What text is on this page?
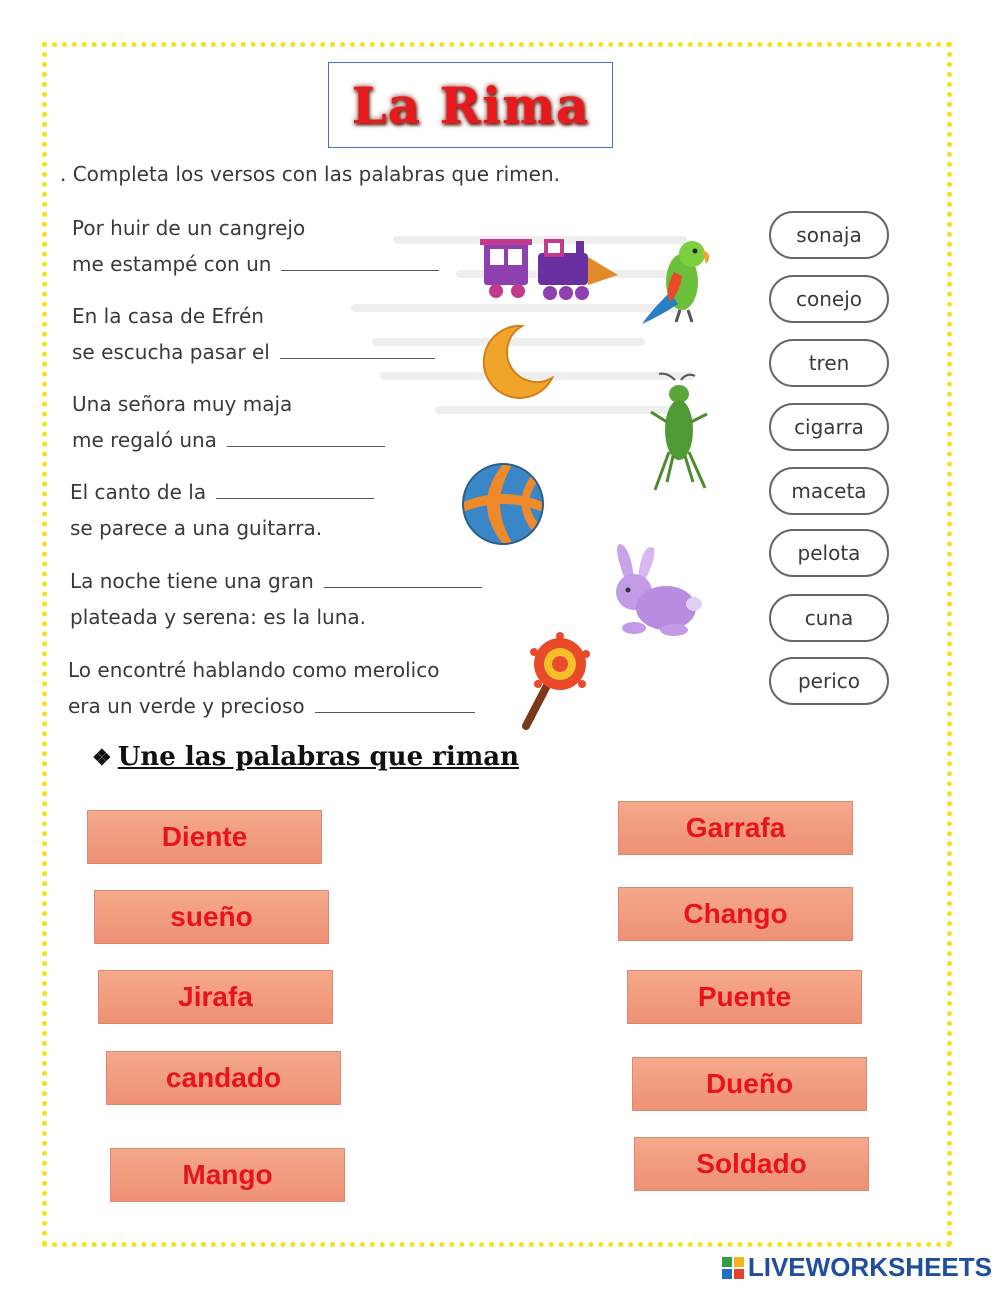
La Rima
. Completa los versos con las palabras que rimen.
Por huir de un cangrejo
me estampé con un
En la casa de Efrén
se escucha pasar el
Una señora muy maja
me regaló una
El canto de la
se parece a una guitarra.
La noche tiene una gran
plateada y serena: es la luna.
Lo encontré hablando como merolico
era un verde y precioso
sonaja
conejo
tren
cigarra
maceta
pelota
cuna
perico
❖ Une las palabras que riman
Diente
sueño
Jirafa
candado
Mango
Garrafa
Chango
Puente
Dueño
Soldado
LIVEWORKSHEETS
